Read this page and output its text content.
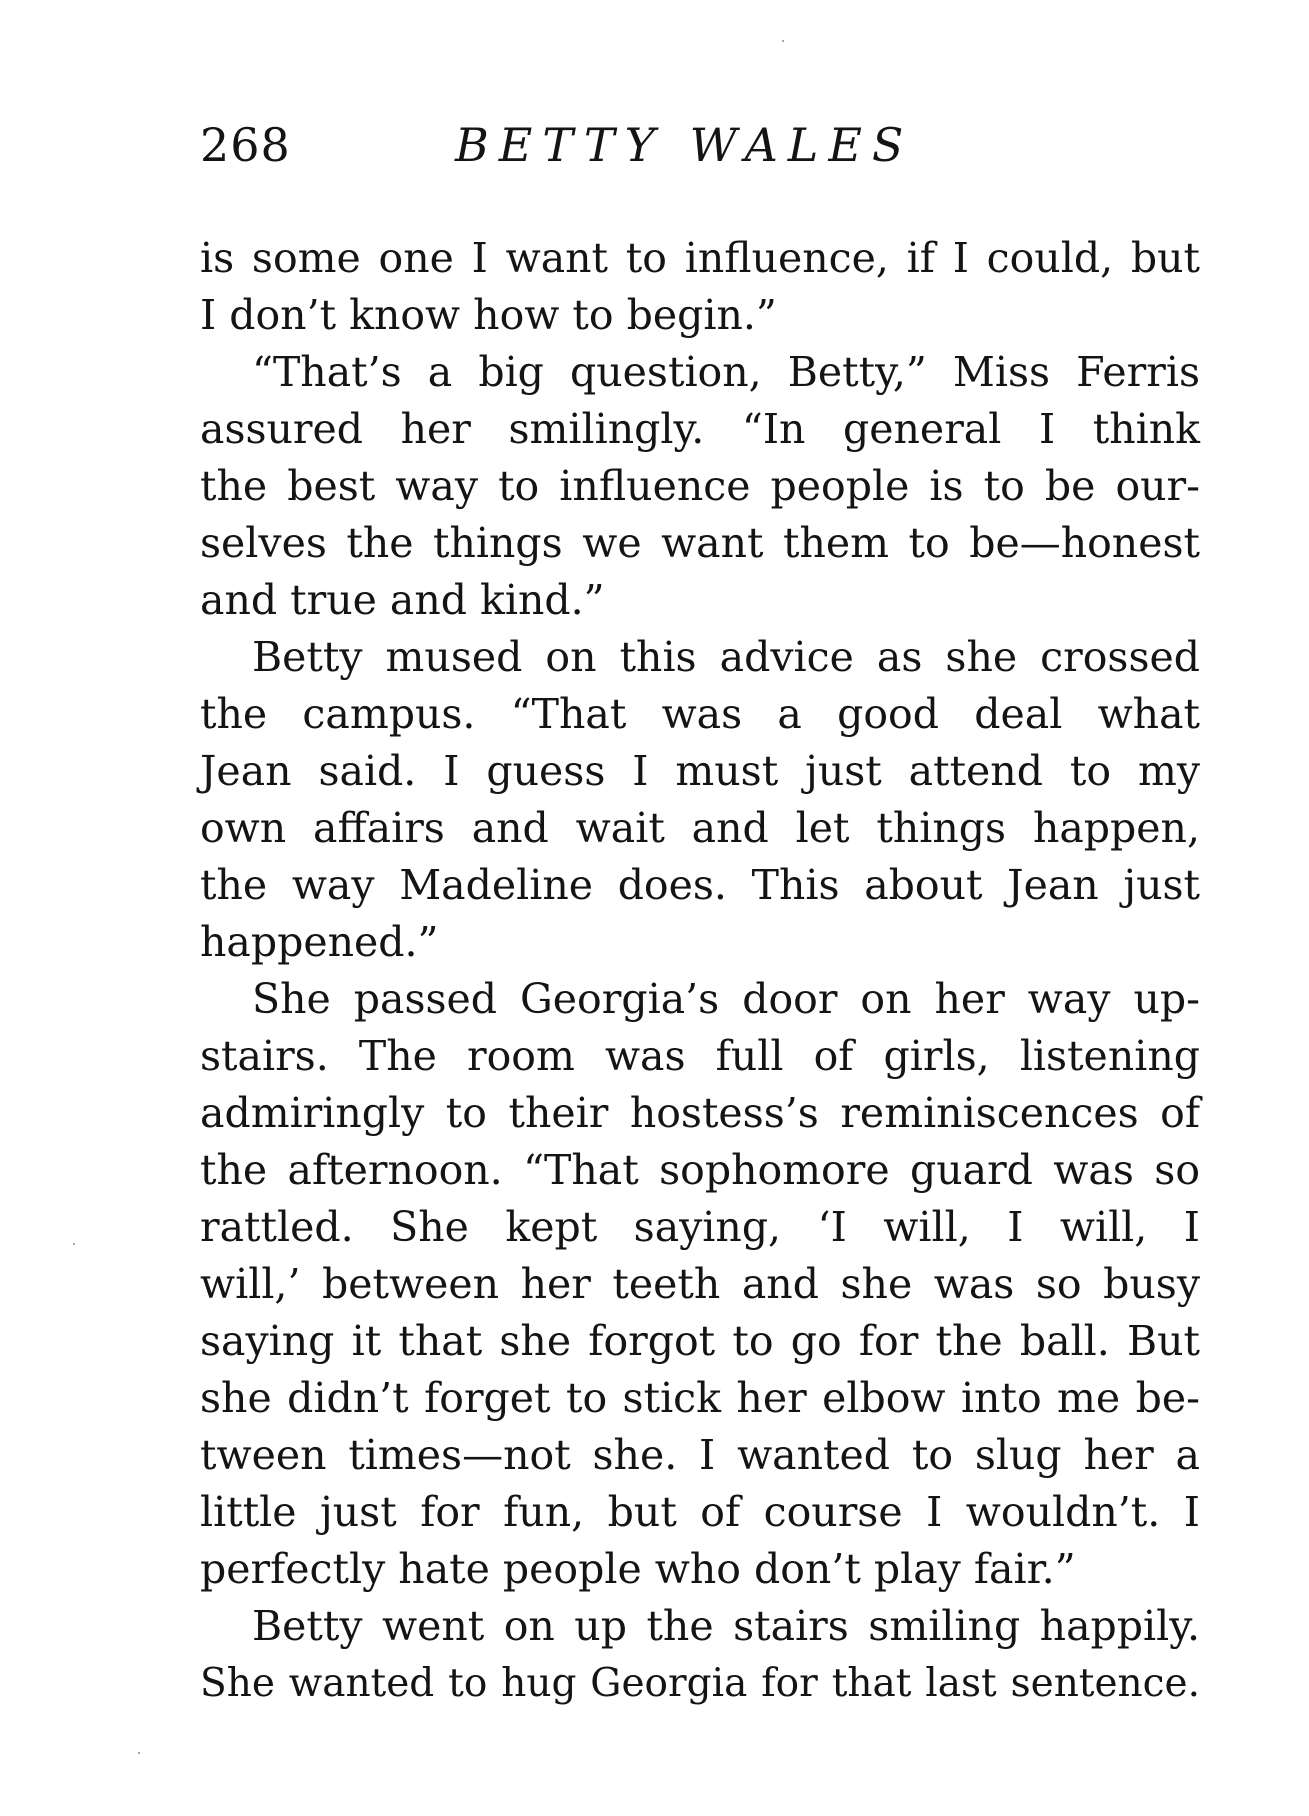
268	BETTY WALES
is some one I want to influence, if I could, but
I don’t know how to begin.”
“That’s a big question, Betty,” Miss Ferris
assured her smilingly. “In general I think
the best way to influence people is to be our-
selves the things we want them to be—honest
and true and kind.”
Betty mused on this advice as she crossed
the campus. “That was a good deal what
Jean said. I guess I must just attend to my
own affairs and wait and let things happen,
the way Madeline does. This about Jean just
happened.”
She passed Georgia’s door on her way up-
stairs. The room was full of girls, listening
admiringly to their hostess’s reminiscences of
the afternoon. “That sophomore guard was so
rattled. She kept saying, ‘I will, I will, I
will,’ between her teeth and she was so busy
saying it that she forgot to go for the ball. But
she didn’t forget to stick her elbow into me be-
tween times—not she. I wanted to slug her a
little just for fun, but of course I wouldn’t. I
perfectly hate people who don’t play fair.”
Betty went on up the stairs smiling happily.
She wanted to hug Georgia for that last sentence.
